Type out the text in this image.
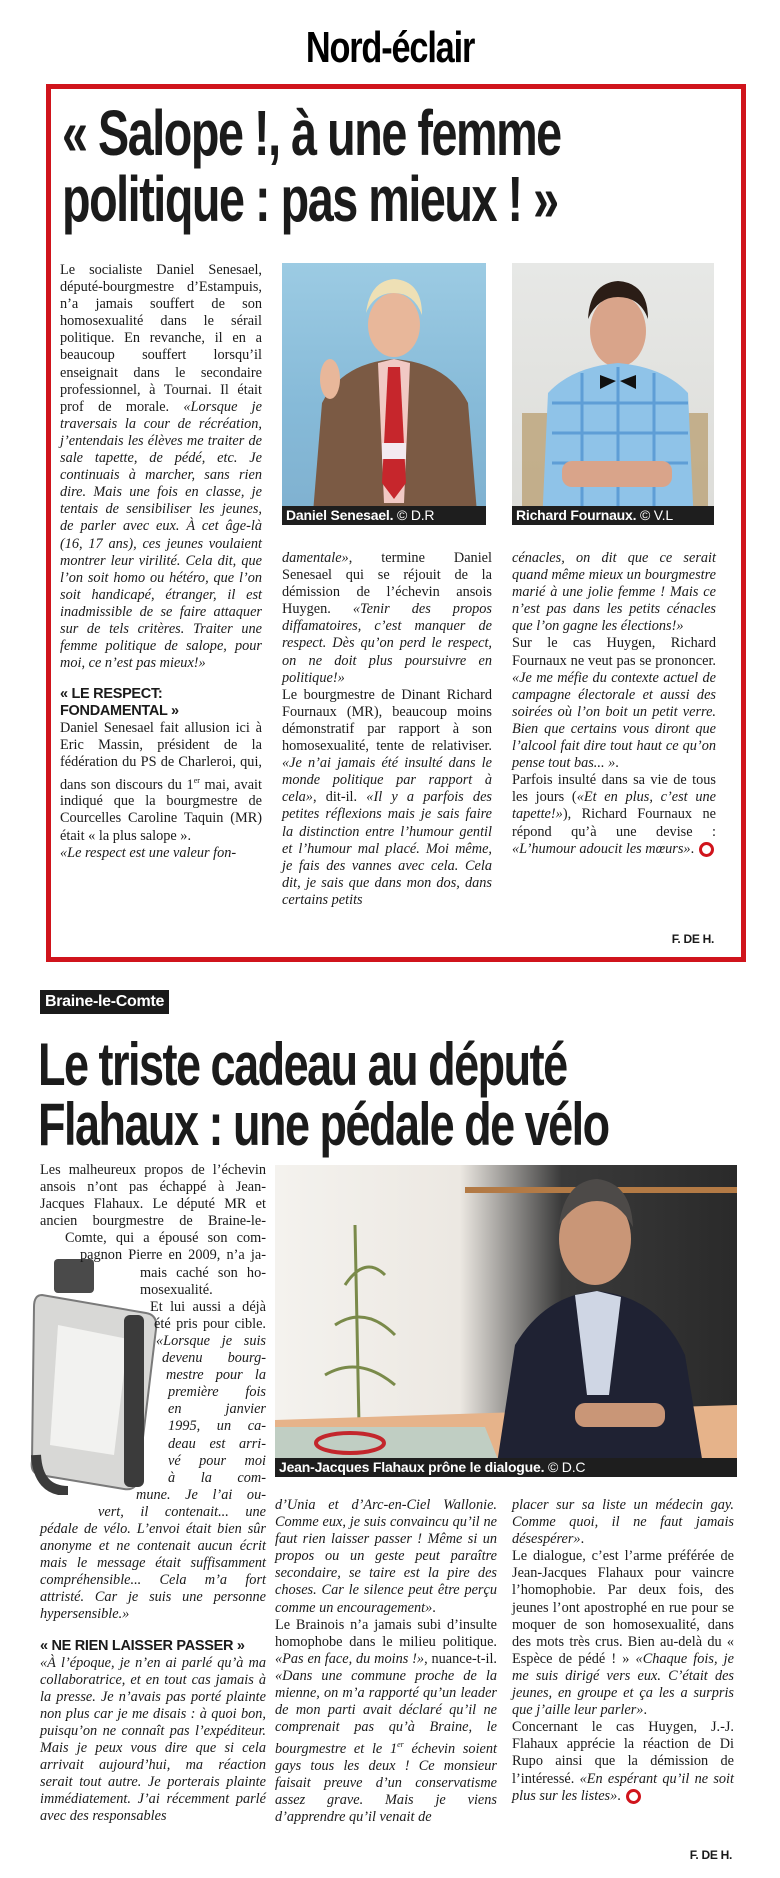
Nord-éclair
« Salope !, à une femme
politique : pas mieux ! »

Le socialiste Daniel Senesael, député-bourgmestre d’Estampuis, n’a jamais souffert de son homosexualité dans le sérail politique. En revanche, il en a beaucoup souffert lorsqu’il enseignait dans le secondaire professionnel, à Tournai. Il était prof de morale. «Lorsque je traversais la cour de récréation, j’entendais les élèves me traiter de sale tapette, de pédé, etc. Je continuais à marcher, sans rien dire. Mais une fois en classe, je tentais de sensibiliser les jeunes, de parler avec eux. À cet âge-là (16, 17 ans), ces jeunes voulaient montrer leur virilité. Cela dit, que l’on soit homo ou hétéro, que l’on soit handicapé, étranger, il est inadmissible de se faire attaquer sur de tels critères. Traiter une femme politique de salope, pour moi, ce n’est pas mieux!»

« LE RESPECT:
FONDAMENTAL »

Daniel Senesael fait allusion ici à Eric Massin, président de la fédération du PS de Charleroi, qui, dans son discours du 1er mai, avait indiqué que la bourgmestre de Courcelles Caroline Taquin (MR) était « la plus salope ».

«Le respect est une valeur fon-

Daniel Senesael. © D.R	Richard Fournaux. © V.L

damentale», termine Daniel Senesael qui se réjouit de la démission de l’échevin ansois Huygen. «Tenir des propos diffamatoires, c’est manquer de respect. Dès qu’on perd le respect, on ne doit plus poursuivre en politique!»

Le bourgmestre de Dinant Richard Fournaux (MR), beaucoup moins démonstratif par rapport à son homosexualité, tente de relativiser. «Je n’ai jamais été insulté dans le monde politique par rapport à cela», dit-il. «Il y a parfois des petites réflexions mais je sais faire la distinction entre l’humour gentil et l’humour mal placé. Moi même, je fais des vannes avec cela. Cela dit, je sais que dans mon dos, dans certains petits

cénacles, on dit que ce serait quand même mieux un bourgmestre marié à une jolie femme ! Mais ce n’est pas dans les petits cénacles que l’on gagne les élections!»

Sur le cas Huygen, Richard Fournaux ne veut pas se prononcer. «Je me méfie du contexte actuel de campagne électorale et aussi des soirées où l’on boit un petit verre. Bien que certains vous diront que l’alcool fait dire tout haut ce qu’on pense tout bas... ».

Parfois insulté dans sa vie de tous les jours («Et en plus, c’est une tapette!»), Richard Fournaux ne répond qu’à une devise : «L’humour adoucit les mœurs».

F. DE H.
Braine-le-Comte
Le triste cadeau au député
Flahaux : une pédale de vélo
Les malheureux propos de l’échevin
ansois n’ont pas échappé à Jean-
Jacques Flahaux. Le député MR et
ancien bourgmestre de Braine-le-
Comte, qui a épousé son com-
pagnon Pierre en 2009, n’a ja-
mais caché son ho-
mosexualité.
Et lui aussi a déjà
été pris pour cible.
«Lorsque je suis
devenu bourg-
mestre pour la
première fois
en janvier
1995, un ca-
deau est arri-
vé pour moi
à la com-
mune. Je l’ai ou-
vert, il contenait... une

pédale de vélo. L’envoi était bien sûr anonyme et ne contenait aucun écrit mais le message était suffisamment compréhensible... Cela m’a fort attristé. Car je suis une personne hypersensible.»

« NE RIEN LAISSER PASSER »

«À l’époque, je n’en ai parlé qu’à ma collaboratrice, et en tout cas jamais à la presse. Je n’avais pas porté plainte non plus car je me disais : à quoi bon, puisqu’on ne connaît pas l’expéditeur. Mais je peux vous dire que si cela arrivait aujourd’hui, ma réaction serait tout autre. Je porterais plainte immédiatement. J’ai récemment parlé avec des responsables

Jean-Jacques Flahaux prône le dialogue. © D.C

d’Unia et d’Arc-en-Ciel Wallonie. Comme eux, je suis convaincu qu’il ne faut rien laisser passer ! Même si un propos ou un geste peut paraître secondaire, se taire est la pire des choses. Car le silence peut être perçu comme un encouragement».

Le Brainois n’a jamais subi d’insulte homophobe dans le milieu politique. «Pas en face, du moins !», nuance-t-il. «Dans une commune proche de la mienne, on m’a rapporté qu’un leader de mon parti avait déclaré qu’il ne comprenait pas qu’à Braine, le bourgmestre et le 1er échevin soient gays tous les deux ! Ce monsieur faisait preuve d’un conservatisme assez grave. Mais je viens d’apprendre qu’il venait de

placer sur sa liste un médecin gay. Comme quoi, il ne faut jamais désespérer».

Le dialogue, c’est l’arme préférée de Jean-Jacques Flahaux pour vaincre l’homophobie. Par deux fois, des jeunes l’ont apostrophé en rue pour se moquer de son homosexualité, dans des mots très crus. Bien au-delà du « Espèce de pédé ! » «Chaque fois, je me suis dirigé vers eux. C’était des jeunes, en groupe et ça les a surpris que j’aille leur parler».

Concernant le cas Huygen, J.-J. Flahaux apprécie la réaction de Di Rupo ainsi que la démission de l’intéressé. «En espérant qu’il ne soit plus sur les listes».

F. DE H.
